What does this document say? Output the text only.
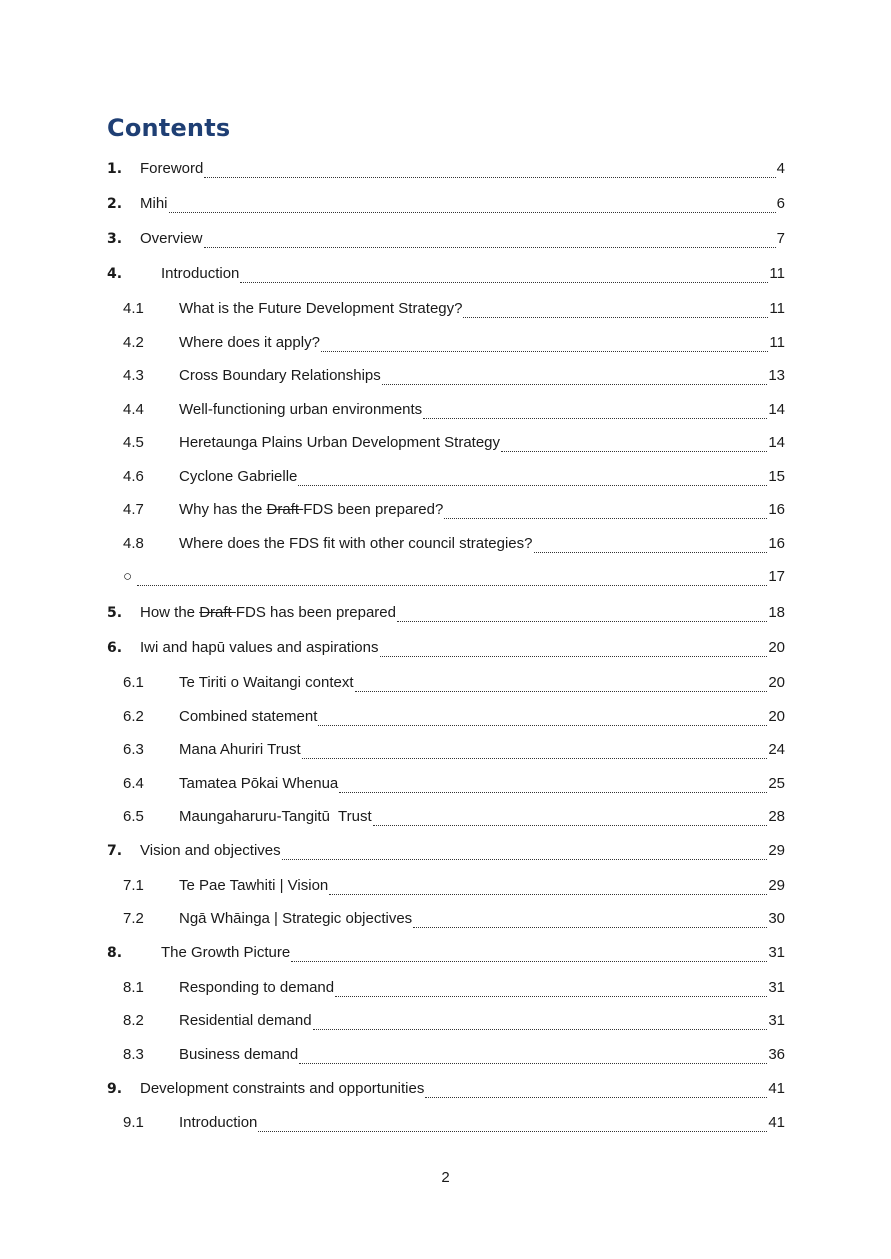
Contents
1.	Foreword	4
2.	Mihi	6
3.	Overview	7
4.	Introduction	11
4.1	What is the Future Development Strategy?	11
4.2	Where does it apply?	11
4.3	Cross Boundary Relationships	13
4.4	Well-functioning urban environments	14
4.5	Heretaunga Plains Urban Development Strategy	14
4.6	Cyclone Gabrielle	15
4.7	Why has the Draft FDS been prepared?	16
4.8	Where does the FDS fit with other council strategies?	16
○	17
5.	How the Draft FDS has been prepared	18
6.	Iwi and hapū values and aspirations	20
6.1	Te Tiriti o Waitangi context	20
6.2	Combined statement	20
6.3	Mana Ahuriri Trust	24
6.4	Tamatea Pōkai Whenua	25
6.5	Maungaharuru-Tangitū  Trust	28
7.	Vision and objectives	29
7.1	Te Pae Tawhiti | Vision	29
7.2	Ngā Whāinga | Strategic objectives	30
8.	The Growth Picture	31
8.1	Responding to demand	31
8.2	Residential demand	31
8.3	Business demand	36
9.	Development constraints and opportunities	41
9.1	Introduction	41
2
